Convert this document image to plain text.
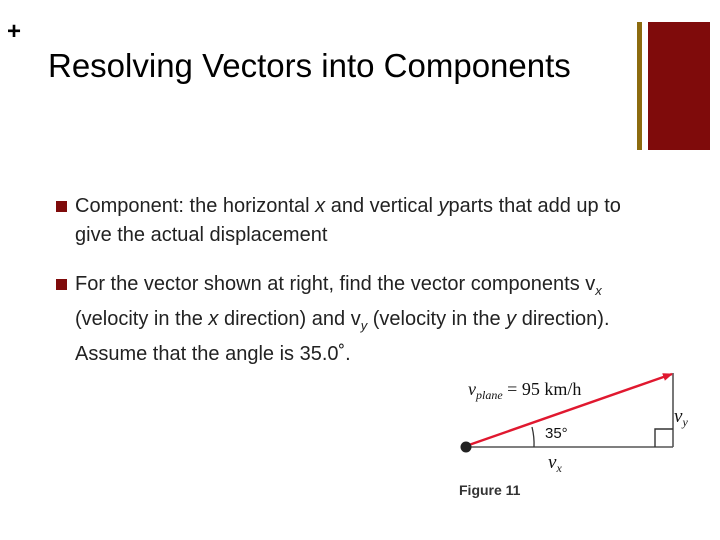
+
Resolving Vectors into Components
Component: the horizontal x and vertical yparts that add up to give the actual displacement
For the vector shown at right, find the vector components $v_x$ (velocity in the x direction) and $v_y$ (velocity in the y direction). Assume that the angle is 35.0˚.
$v_{plane} = 95$ km/h
$v_y$
$v_x$
35°
Figure 11
